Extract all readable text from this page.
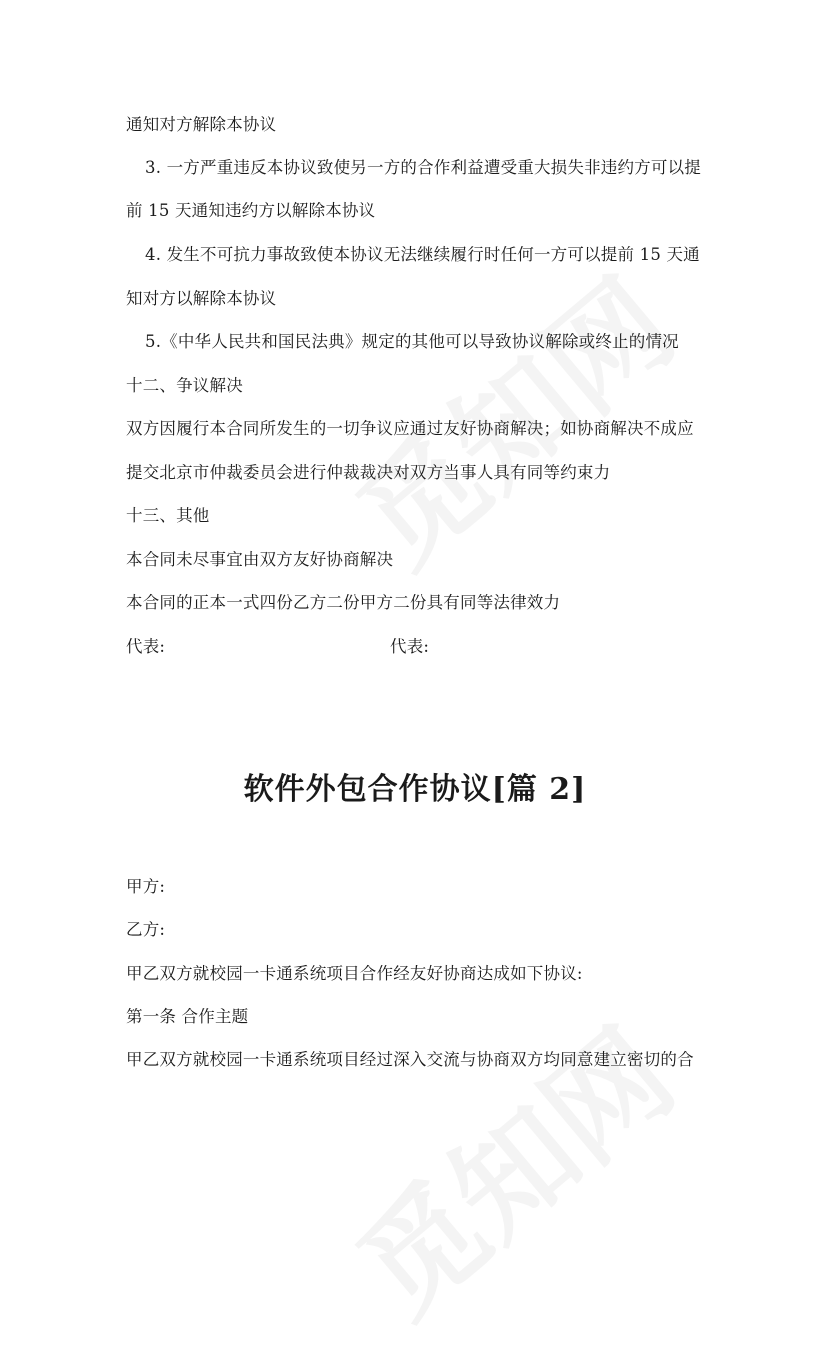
通知对方解除本协议
3. 一方严重违反本协议致使另一方的合作利益遭受重大损失非违约方可以提
前 15 天通知违约方以解除本协议
4. 发生不可抗力事故致使本协议无法继续履行时任何一方可以提前 15 天通
知对方以解除本协议
5.《中华人民共和国民法典》规定的其他可以导致协议解除或终止的情况
十二、争议解决
双方因履行本合同所发生的一切争议应通过友好协商解决；如协商解决不成应
提交北京市仲裁委员会进行仲裁裁决对双方当事人具有同等约束力
十三、其他
本合同未尽事宜由双方友好协商解决
本合同的正本一式四份乙方二份甲方二份具有同等法律效力
代表:	代表:
软件外包合作协议[篇 2]
甲方:
乙方:
甲乙双方就校园一卡通系统项目合作经友好协商达成如下协议:
第一条 合作主题
甲乙双方就校园一卡通系统项目经过深入交流与协商双方均同意建立密切的合
